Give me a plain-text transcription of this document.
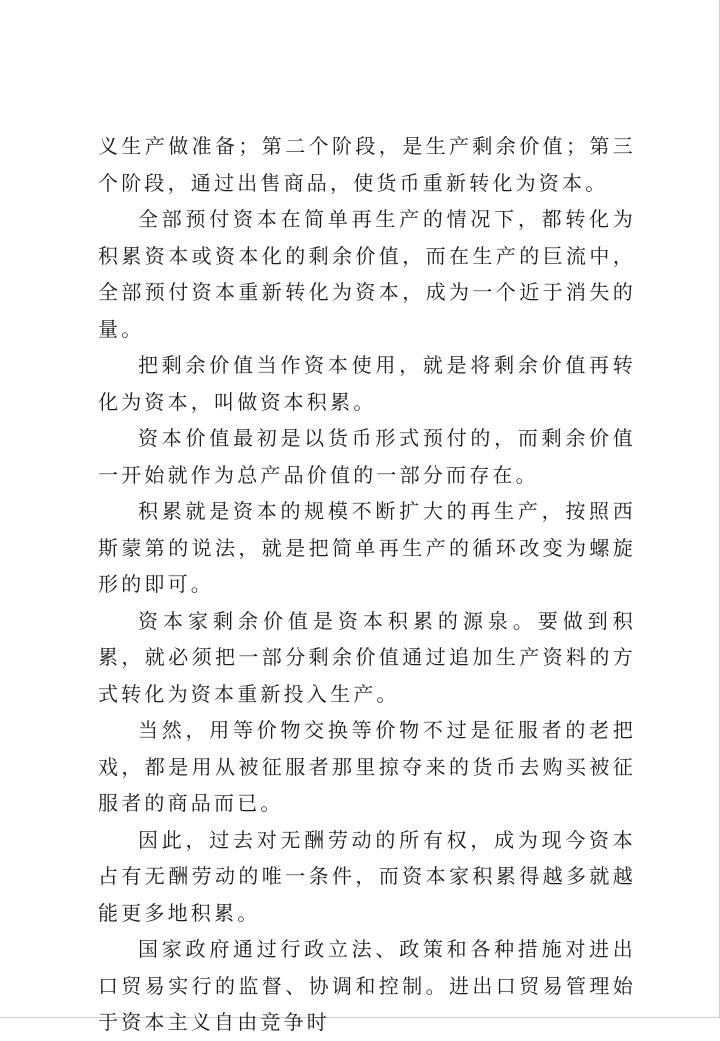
义生产做准备；第二个阶段，是生产剩余价值；第三个阶段，通过出售商品，使货币重新转化为资本。

全部预付资本在简单再生产的情况下，都转化为积累资本或资本化的剩余价值，而在生产的巨流中，全部预付资本重新转化为资本，成为一个近于消失的量。

把剩余价值当作资本使用，就是将剩余价值再转化为资本，叫做资本积累。

资本价值最初是以货币形式预付的，而剩余价值一开始就作为总产品价值的一部分而存在。

积累就是资本的规模不断扩大的再生产，按照西斯蒙第的说法，就是把简单再生产的循环改变为螺旋形的即可。

资本家剩余价值是资本积累的源泉。要做到积累，就必须把一部分剩余价值通过追加生产资料的方式转化为资本重新投入生产。

当然，用等价物交换等价物不过是征服者的老把戏，都是用从被征服者那里掠夺来的货币去购买被征服者的商品而已。

因此，过去对无酬劳动的所有权，成为现今资本占有无酬劳动的唯一条件，而资本家积累得越多就越能更多地积累。

国家政府通过行政立法、政策和各种措施对进出口贸易实行的监督、协调和控制。进出口贸易管理始于资本主义自由竞争时
